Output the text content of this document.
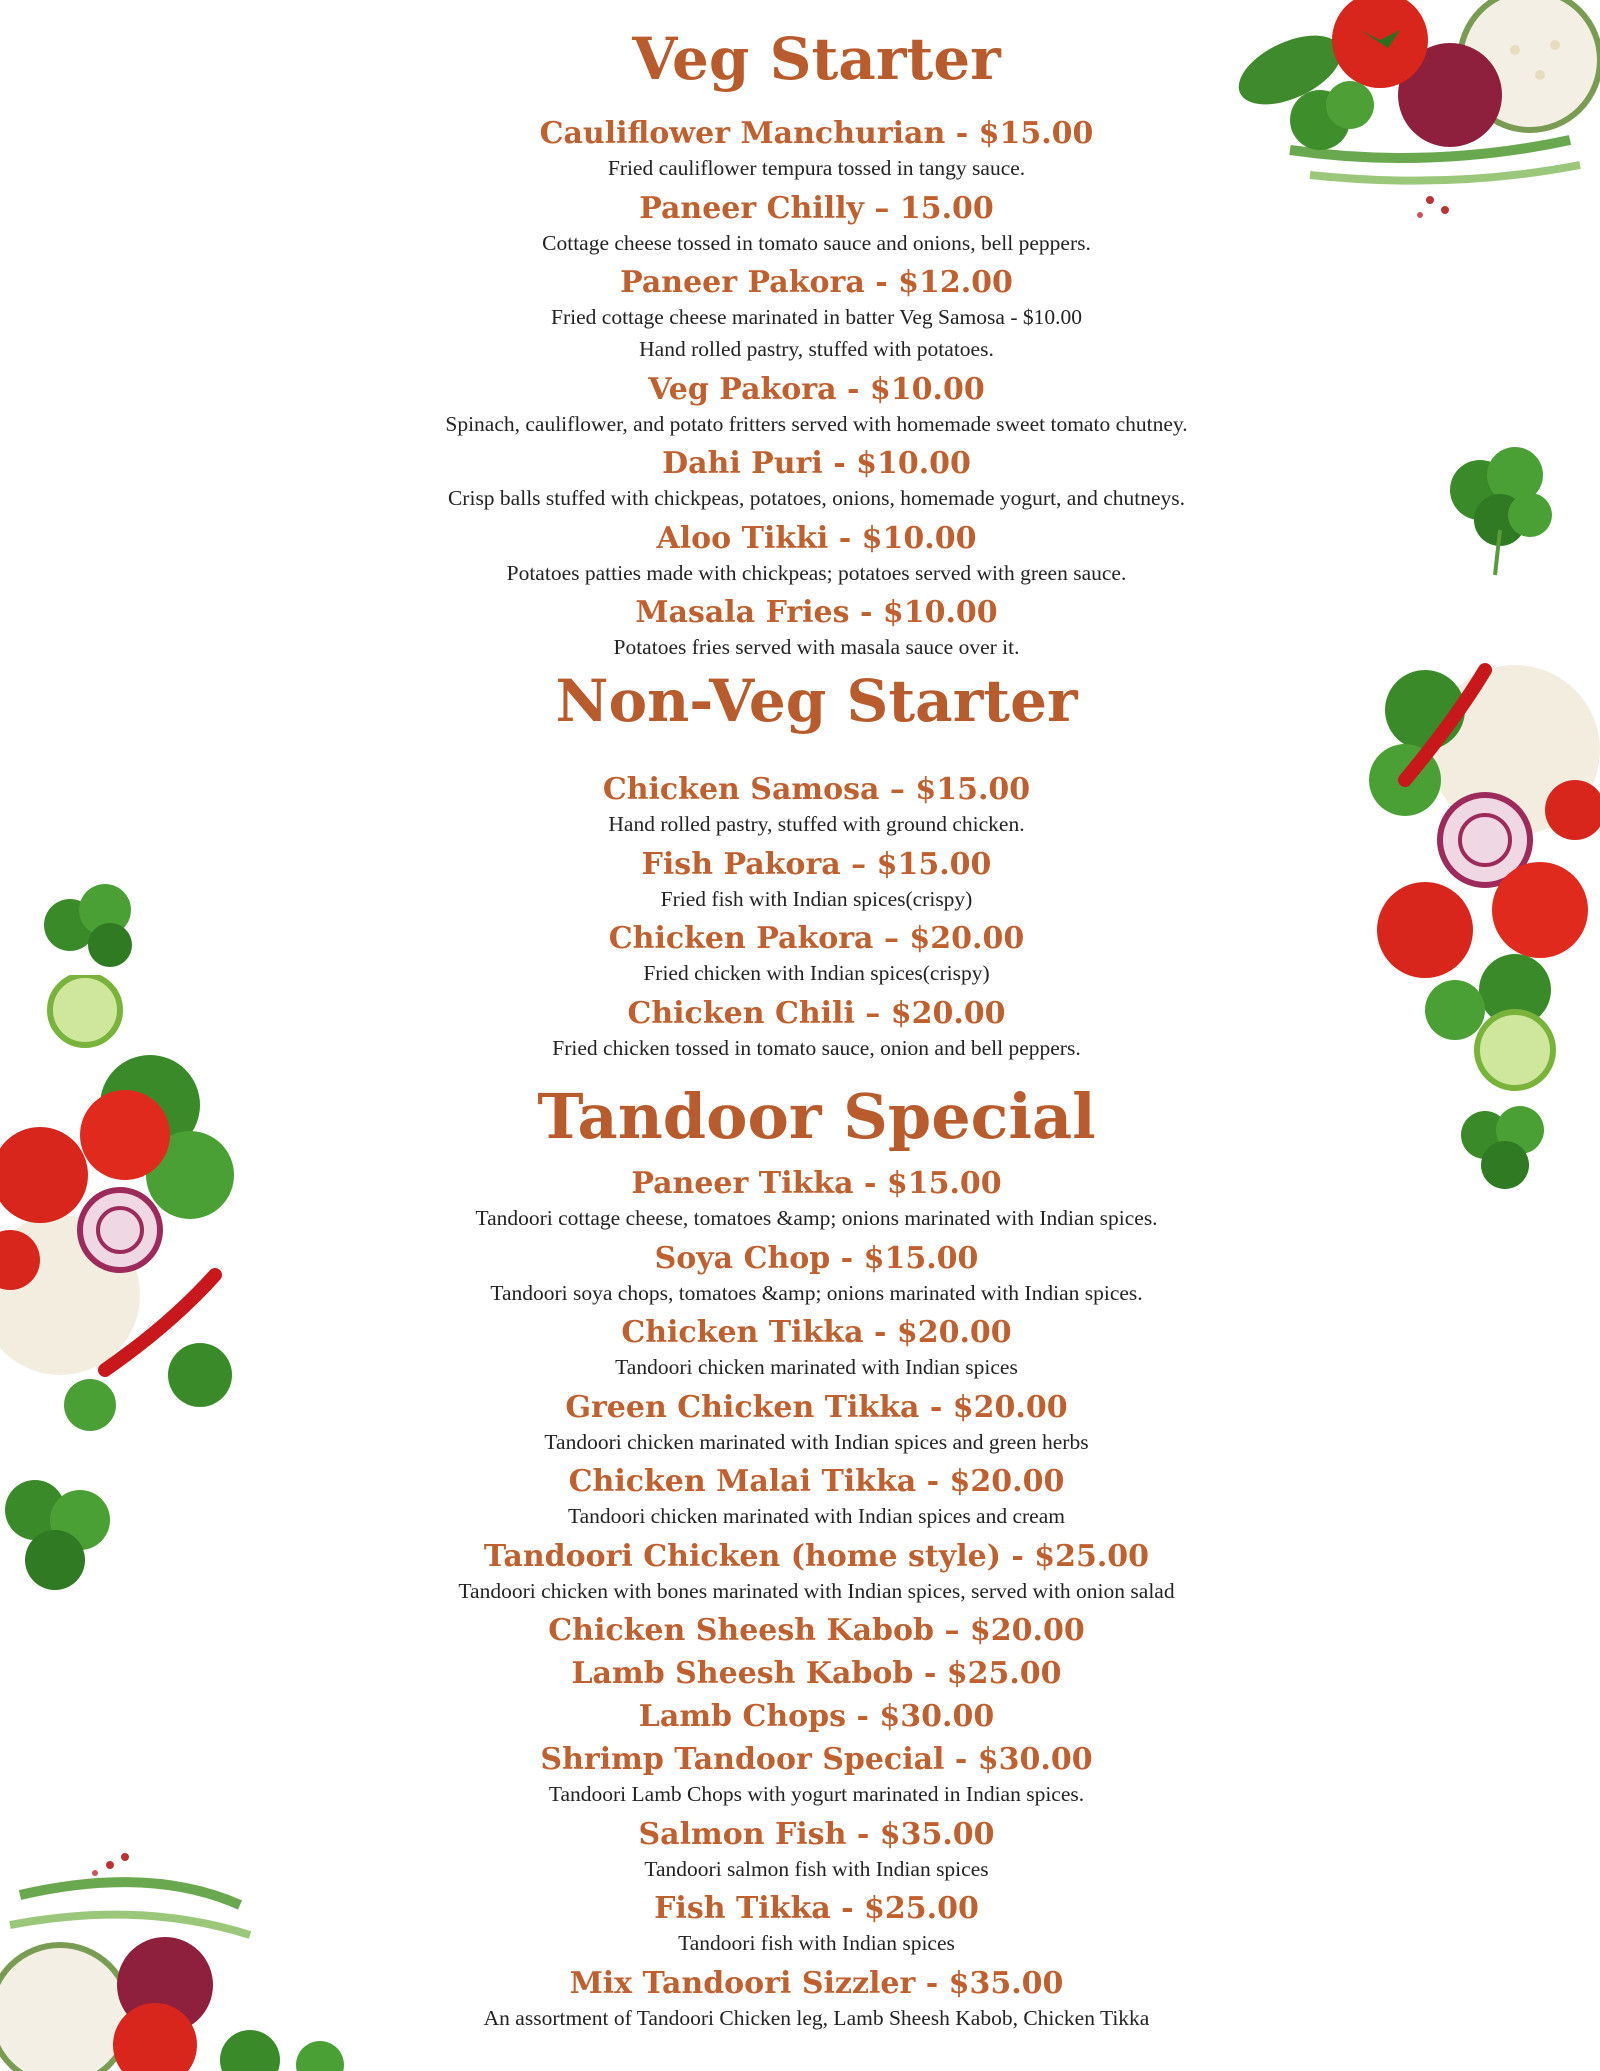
Veg Starter
Cauliflower Manchurian - $15.00
Fried cauliflower tempura tossed in tangy sauce.
Paneer Chilly – 15.00
Cottage cheese tossed in tomato sauce and onions, bell peppers.
Paneer Pakora - $12.00
Fried cottage cheese marinated in batter Veg Samosa - $10.00
Hand rolled pastry, stuffed with potatoes.
Veg Pakora - $10.00
Spinach, cauliflower, and potato fritters served with homemade sweet tomato chutney.
Dahi Puri - $10.00
Crisp balls stuffed with chickpeas, potatoes, onions, homemade yogurt, and chutneys.
Aloo Tikki - $10.00
Potatoes patties made with chickpeas; potatoes served with green sauce.
Masala Fries - $10.00
Potatoes fries served with masala sauce over it.
Non-Veg Starter
Chicken Samosa – $15.00
Hand rolled pastry, stuffed with ground chicken.
Fish Pakora – $15.00
Fried fish with Indian spices(crispy)
Chicken Pakora – $20.00
Fried chicken with Indian spices(crispy)
Chicken Chili – $20.00
Fried chicken tossed in tomato sauce, onion and bell peppers.
Tandoor Special
Paneer Tikka - $15.00
Tandoori cottage cheese, tomatoes &amp; onions marinated with Indian spices.
Soya Chop - $15.00
Tandoori soya chops, tomatoes &amp; onions marinated with Indian spices.
Chicken Tikka - $20.00
Tandoori chicken marinated with Indian spices
Green Chicken Tikka - $20.00
Tandoori chicken marinated with Indian spices and green herbs
Chicken Malai Tikka - $20.00
Tandoori chicken marinated with Indian spices and cream
Tandoori Chicken (home style) - $25.00
Tandoori chicken with bones marinated with Indian spices, served with onion salad
Chicken Sheesh Kabob – $20.00
Lamb Sheesh Kabob - $25.00
Lamb Chops - $30.00
Shrimp Tandoor Special - $30.00
Tandoori Lamb Chops with yogurt marinated in Indian spices.
Salmon Fish - $35.00
Tandoori salmon fish with Indian spices
Fish Tikka - $25.00
Tandoori fish with Indian spices
Mix Tandoori Sizzler - $35.00
An assortment of Tandoori Chicken leg, Lamb Sheesh Kabob, Chicken Tikka
